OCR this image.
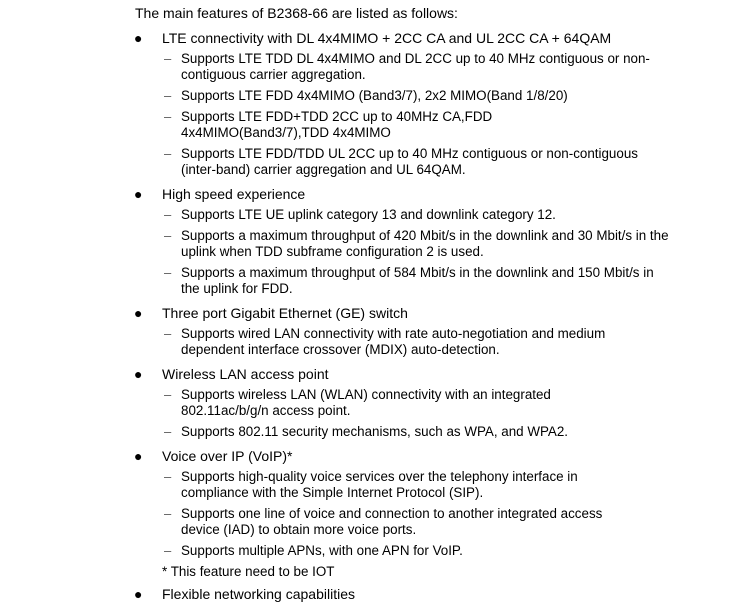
The main features of B2368-66 are listed as follows:
● LTE connectivity with DL 4x4MIMO + 2CC CA and UL 2CC CA + 64QAM
– Supports LTE TDD DL 4x4MIMO and DL 2CC up to 40 MHz contiguous or non-contiguous carrier aggregation.
– Supports LTE FDD 4x4MIMO (Band3/7), 2x2 MIMO(Band 1/8/20)
– Supports LTE FDD+TDD 2CC up to 40MHz CA,FDD 4x4MIMO(Band3/7),TDD 4x4MIMO
– Supports LTE FDD/TDD UL 2CC up to 40 MHz contiguous or non-contiguous (inter-band) carrier aggregation and UL 64QAM.
● High speed experience
– Supports LTE UE uplink category 13 and downlink category 12.
– Supports a maximum throughput of 420 Mbit/s in the downlink and 30 Mbit/s in the uplink when TDD subframe configuration 2 is used.
– Supports a maximum throughput of 584 Mbit/s in the downlink and 150 Mbit/s in the uplink for FDD.
● Three port Gigabit Ethernet (GE) switch
– Supports wired LAN connectivity with rate auto-negotiation and medium dependent interface crossover (MDIX) auto-detection.
● Wireless LAN access point
– Supports wireless LAN (WLAN) connectivity with an integrated 802.11ac/b/g/n access point.
– Supports 802.11 security mechanisms, such as WPA, and WPA2.
● Voice over IP (VoIP)*
– Supports high-quality voice services over the telephony interface in compliance with the Simple Internet Protocol (SIP).
– Supports one line of voice and connection to another integrated access device (IAD) to obtain more voice ports.
– Supports multiple APNs, with one APN for VoIP.
* This feature need to be IOT
● Flexible networking capabilities
